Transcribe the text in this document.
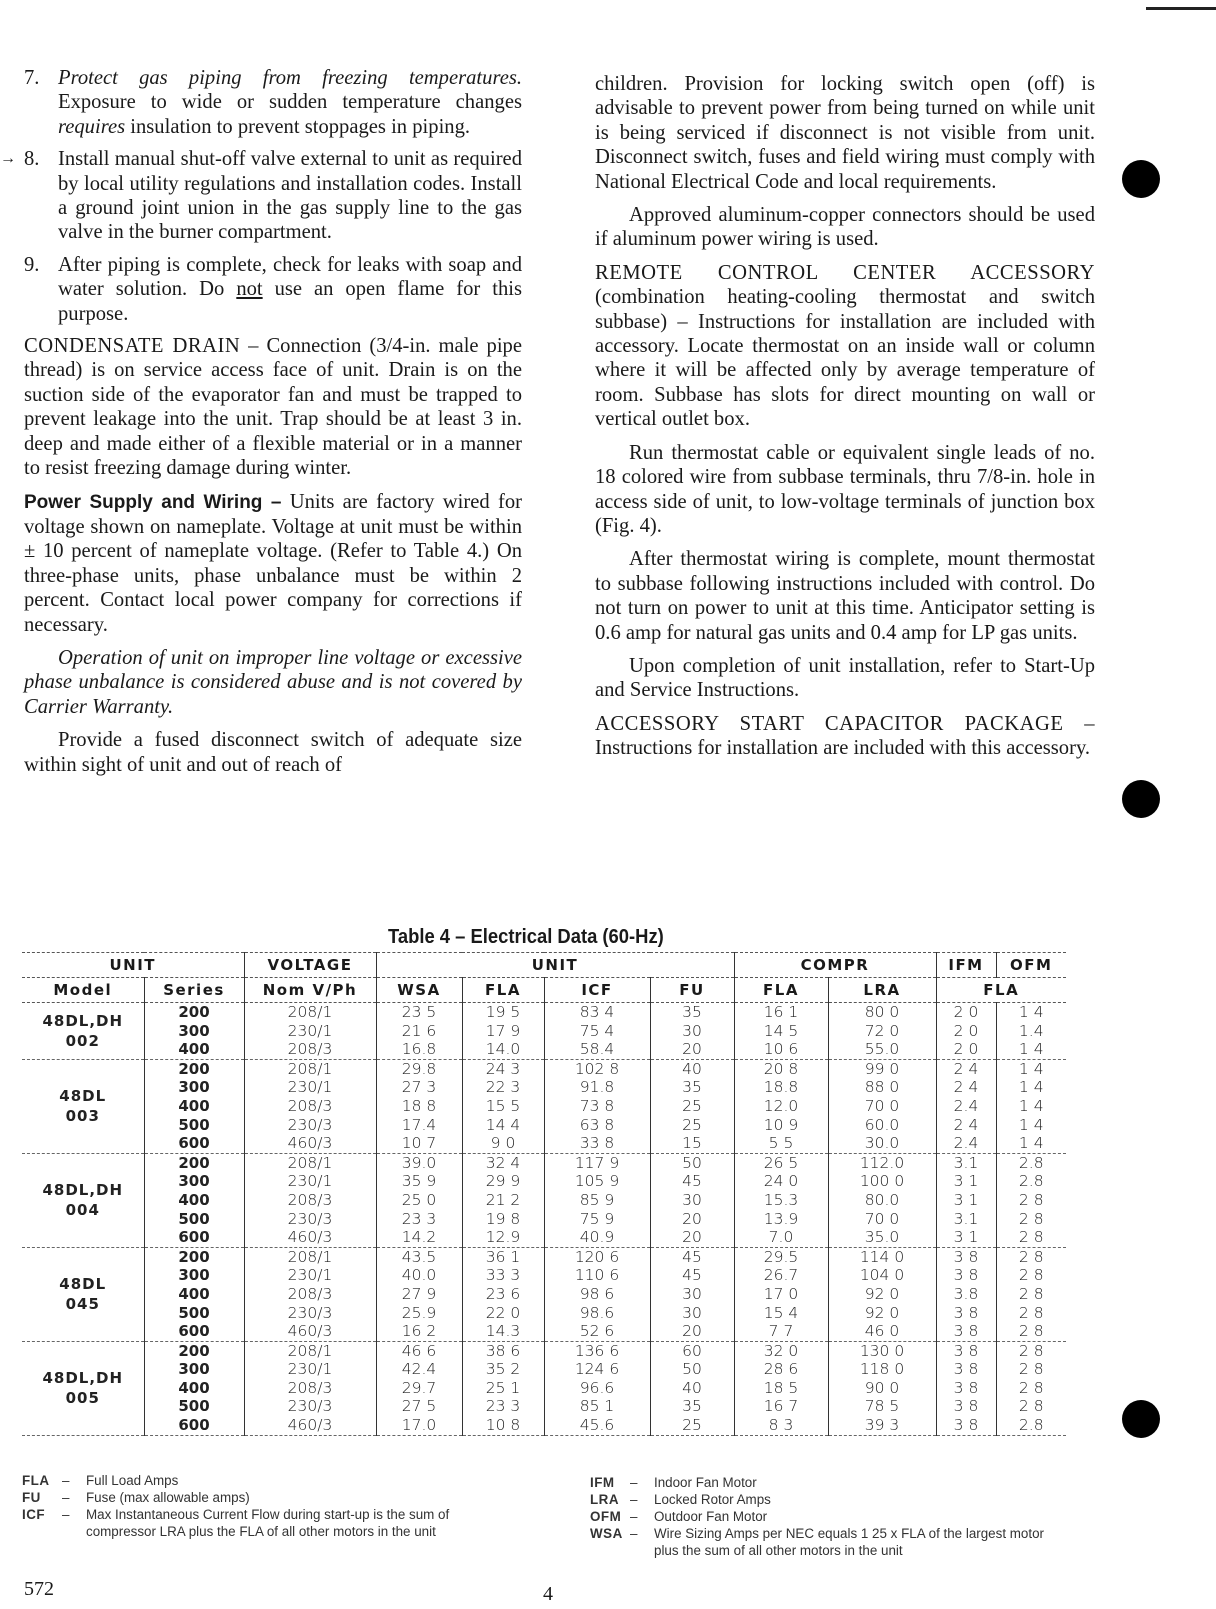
7. Protect gas piping from freezing temperatures. Exposure to wide or sudden temperature changes requires insulation to prevent stoppages in piping.
→ 8. Install manual shut-off valve external to unit as required by local utility regulations and installation codes. Install a ground joint union in the gas supply line to the gas valve in the burner compartment.
9. After piping is complete, check for leaks with soap and water solution. Do not use an open flame for this purpose.

CONDENSATE DRAIN – Connection (3/4-in. male pipe thread) is on service access face of unit. Drain is on the suction side of the evaporator fan and must be trapped to prevent leakage into the unit. Trap should be at least 3 in. deep and made either of a flexible material or in a manner to resist freezing damage during winter.

Power Supply and Wiring – Units are factory wired for voltage shown on nameplate. Voltage at unit must be within ± 10 percent of nameplate voltage. (Refer to Table 4.) On three-phase units, phase unbalance must be within 2 percent. Contact local power company for corrections if necessary.

Operation of unit on improper line voltage or excessive phase unbalance is considered abuse and is not covered by Carrier Warranty.

Provide a fused disconnect switch of adequate size within sight of unit and out of reach of

children. Provision for locking switch open (off) is advisable to prevent power from being turned on while unit is being serviced if disconnect is not visible from unit. Disconnect switch, fuses and field wiring must comply with National Electrical Code and local requirements.

Approved aluminum-copper connectors should be used if aluminum power wiring is used.

REMOTE CONTROL CENTER ACCESSORY (combination heating-cooling thermostat and switch subbase) – Instructions for installation are included with accessory. Locate thermostat on an inside wall or column where it will be affected only by average temperature of room. Subbase has slots for direct mounting on wall or vertical outlet box.

Run thermostat cable or equivalent single leads of no. 18 colored wire from subbase terminals, thru 7/8-in. hole in access side of unit, to low-voltage terminals of junction box (Fig. 4).

After thermostat wiring is complete, mount thermostat to subbase following instructions included with control. Do not turn on power to unit at this time. Anticipator setting is 0.6 amp for natural gas units and 0.4 amp for LP gas units.

Upon completion of unit installation, refer to Start-Up and Service Instructions.

ACCESSORY START CAPACITOR PACKAGE – Instructions for installation are included with this accessory.

Table 4 – Electrical Data (60-Hz)
UNIT		VOLTAGE	UNIT				COMPR		IFM	OFM
Model	Series	Nom V/Ph	WSA	FLA	ICF	FU	FLA	LRA	FLA	

48DL,DH
002	200	208/1	23 5	19 5	83 4	35	16 1	80 0	2 0	1 4
	300	230/1	21 6	17 9	75 4	30	14 5	72 0	2 0	1.4
	400	208/3	16.8	14.0	58.4	20	10 6	55.0	2 0	1 4

48DL
003	200	208/1	29.8	24 3	102 8	40	20 8	99 0	2 4	1 4
	300	230/1	27 3	22 3	91.8	35	18.8	88 0	2 4	1 4
	400	208/3	18 8	15 5	73 8	25	12.0	70 0	2.4	1 4
	500	230/3	17.4	14 4	63 8	25	10 9	60.0	2 4	1 4
	600	460/3	10 7	9 0	33 8	15	5 5	30.0	2.4	1 4

48DL,DH
004	200	208/1	39.0	32 4	117 9	50	26 5	112.0	3.1	2.8
	300	230/1	35 9	29 9	105 9	45	24 0	100 0	3 1	2.8
	400	208/3	25 0	21 2	85 9	30	15.3	80.0	3 1	2 8
	500	230/3	23 3	19 8	75 9	20	13.9	70 0	3.1	2 8
	600	460/3	14.2	12.9	40.9	20	7.0	35.0	3 1	2 8

48DL
045	200	208/1	43.5	36 1	120 6	45	29.5	114 0	3 8	2 8
	300	230/1	40.0	33 3	110 6	45	26.7	104 0	3 8	2 8
	400	208/3	27 9	23 6	98 6	30	17 0	92 0	3.8	2 8
	500	230/3	25.9	22 0	98.6	30	15 4	92 0	3 8	2 8
	600	460/3	16 2	14.3	52 6	20	7 7	46 0	3 8	2 8

48DL,DH
005	200	208/1	46 6	38 6	136 6	60	32 0	130 0	3 8	2 8
	300	230/1	42.4	35 2	124 6	50	28 6	118 0	3 8	2 8
	400	208/3	29.7	25 1	96.6	40	18 5	90 0	3 8	2 8
	500	230/3	27 5	23 3	85 1	35	16 7	78 5	3 8	2 8
	600	460/3	17.0	10 8	45.6	25	8 3	39 3	3 8	2.8
FLA –	Full Load Amps
FU	–	Fuse (max allowable amps)
ICF	–	Max Instantaneous Current Flow during start-up is the sum of compressor LRA plus the FLA of all other motors in the unit
IFM	–	Indoor Fan Motor
LRA –	Locked Rotor Amps
OFM –	Outdoor Fan Motor
WSA –	Wire Sizing Amps per NEC equals 1 25 x FLA of the largest motor plus the sum of all other motors in the unit
572	4
